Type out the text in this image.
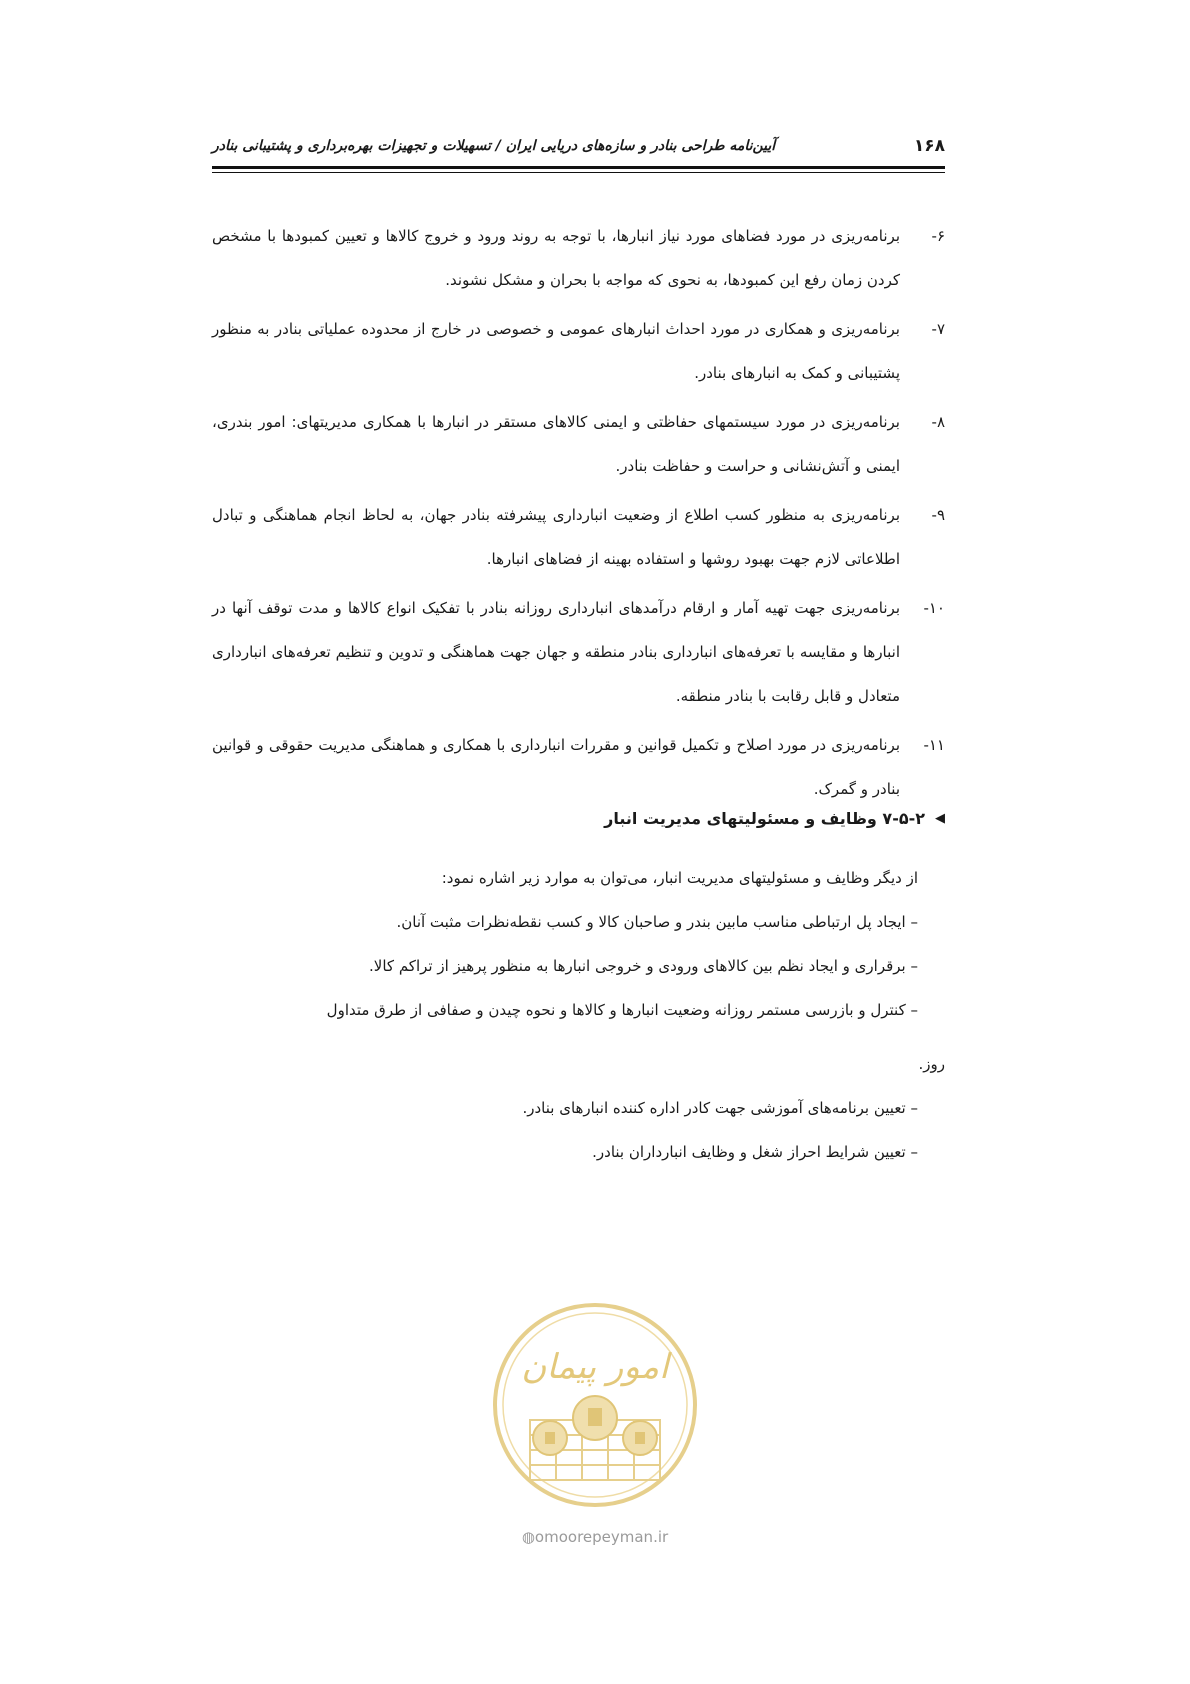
۱۶۸
آیین‌نامه طراحی بنادر و سازه‌های دریایی ایران / تسهیلات و تجهیزات بهره‌برداری و پشتیبانی بنادر
۶-
برنامه‌ریزی در مورد فضاهای مورد نیاز انبارها، با توجه به روند ورود و خروج کالاها و تعیین کمبودها با مشخص کردن زمان رفع این کمبودها، به نحوی که مواجه با بحران و مشکل نشوند.
۷-
برنامه‌ریزی و همکاری در مورد احداث انبارهای عمومی و خصوصی در خارج از محدوده عملیاتی بنادر به منظور پشتیبانی و کمک به انبارهای بنادر.
۸-
برنامه‌ریزی در مورد سیستمهای حفاظتی و ایمنی کالاهای مستقر در انبارها با همکاری مدیریتهای: امور بندری، ایمنی و آتش‌نشانی و حراست و حفاظت بنادر.
۹-
برنامه‌ریزی به منظور کسب اطلاع از وضعیت انبارداری پیشرفته بنادر جهان، به لحاظ انجام هماهنگی و تبادل اطلاعاتی لازم جهت بهبود روشها و استفاده بهینه از فضاهای انبارها.
۱۰-
برنامه‌ریزی جهت تهیه آمار و ارقام درآمدهای انبارداری روزانه بنادر با تفکیک انواع کالاها و مدت توقف آنها در انبارها و مقایسه با تعرفه‌های انبارداری بنادر منطقه و جهان جهت هماهنگی و تدوین و تنظیم تعرفه‌های انبارداری متعادل و قابل رقابت با بنادر منطقه.
۱۱-
برنامه‌ریزی در مورد اصلاح و تکمیل قوانین و مقررات انبارداری با همکاری و هماهنگی مدیریت حقوقی و قوانین بنادر و گمرک.
◀
۷-۵-۲ وظایف و مسئولیتهای مدیریت انبار

از دیگر وظایف و مسئولیتهای مدیریت انبار، می‌توان به موارد زیر اشاره نمود:

– ایجاد پل ارتباطی مناسب مابین بندر و صاحبان کالا و کسب نقطه‌نظرات مثبت آنان.

– برقراری و ایجاد نظم بین کالاهای ورودی و خروجی انبارها به منظور پرهیز از تراکم کالا.

– کنترل و بازرسی مستمر روزانه وضعیت انبارها و کالاها و نحوه چیدن و صفافی از طرق متداول

روز.

– تعیین برنامه‌های آموزشی جهت کادر اداره کننده انبارهای بنادر.

– تعیین شرایط احراز شغل و وظایف انبارداران بنادر.

امور پیمان
◍omoorepeyman.ir
